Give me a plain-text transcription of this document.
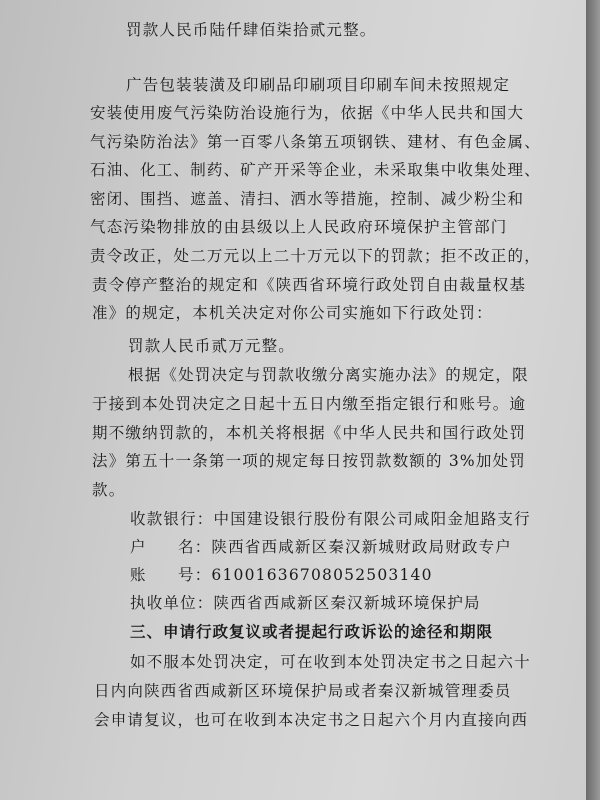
罚款人民币陆仟肆佰柒拾贰元整。
广告包装装潢及印刷品印刷项目印刷车间未按照规定
安装使用废气污染防治设施行为，依据《中华人民共和国大
气污染防治法》第一百零八条第五项钢铁、建材、有色金属、
石油、化工、制药、矿产开采等企业，未采取集中收集处理、
密闭、围挡、遮盖、清扫、洒水等措施，控制、减少粉尘和
气态污染物排放的由县级以上人民政府环境保护主管部门
责令改正，处二万元以上二十万元以下的罚款；拒不改正的，
责令停产整治的规定和《陕西省环境行政处罚自由裁量权基
准》的规定，本机关决定对你公司实施如下行政处罚：
罚款人民币贰万元整。
根据《处罚决定与罚款收缴分离实施办法》的规定，限
于接到本处罚决定之日起十五日内缴至指定银行和账号。逾
期不缴纳罚款的，本机关将根据《中华人民共和国行政处罚
法》第五十一条第一项的规定每日按罚款数额的 3%加处罚
款。
收款银行：中国建设银行股份有限公司咸阳金旭路支行
户 名：陕西省西咸新区秦汉新城财政局财政专户
账 号：61001636708052503140
执收单位：陕西省西咸新区秦汉新城环境保护局
三、申请行政复议或者提起行政诉讼的途径和期限
如不服本处罚决定，可在收到本处罚决定书之日起六十
日内向陕西省西咸新区环境保护局或者秦汉新城管理委员
会申请复议，也可在收到本决定书之日起六个月内直接向西
